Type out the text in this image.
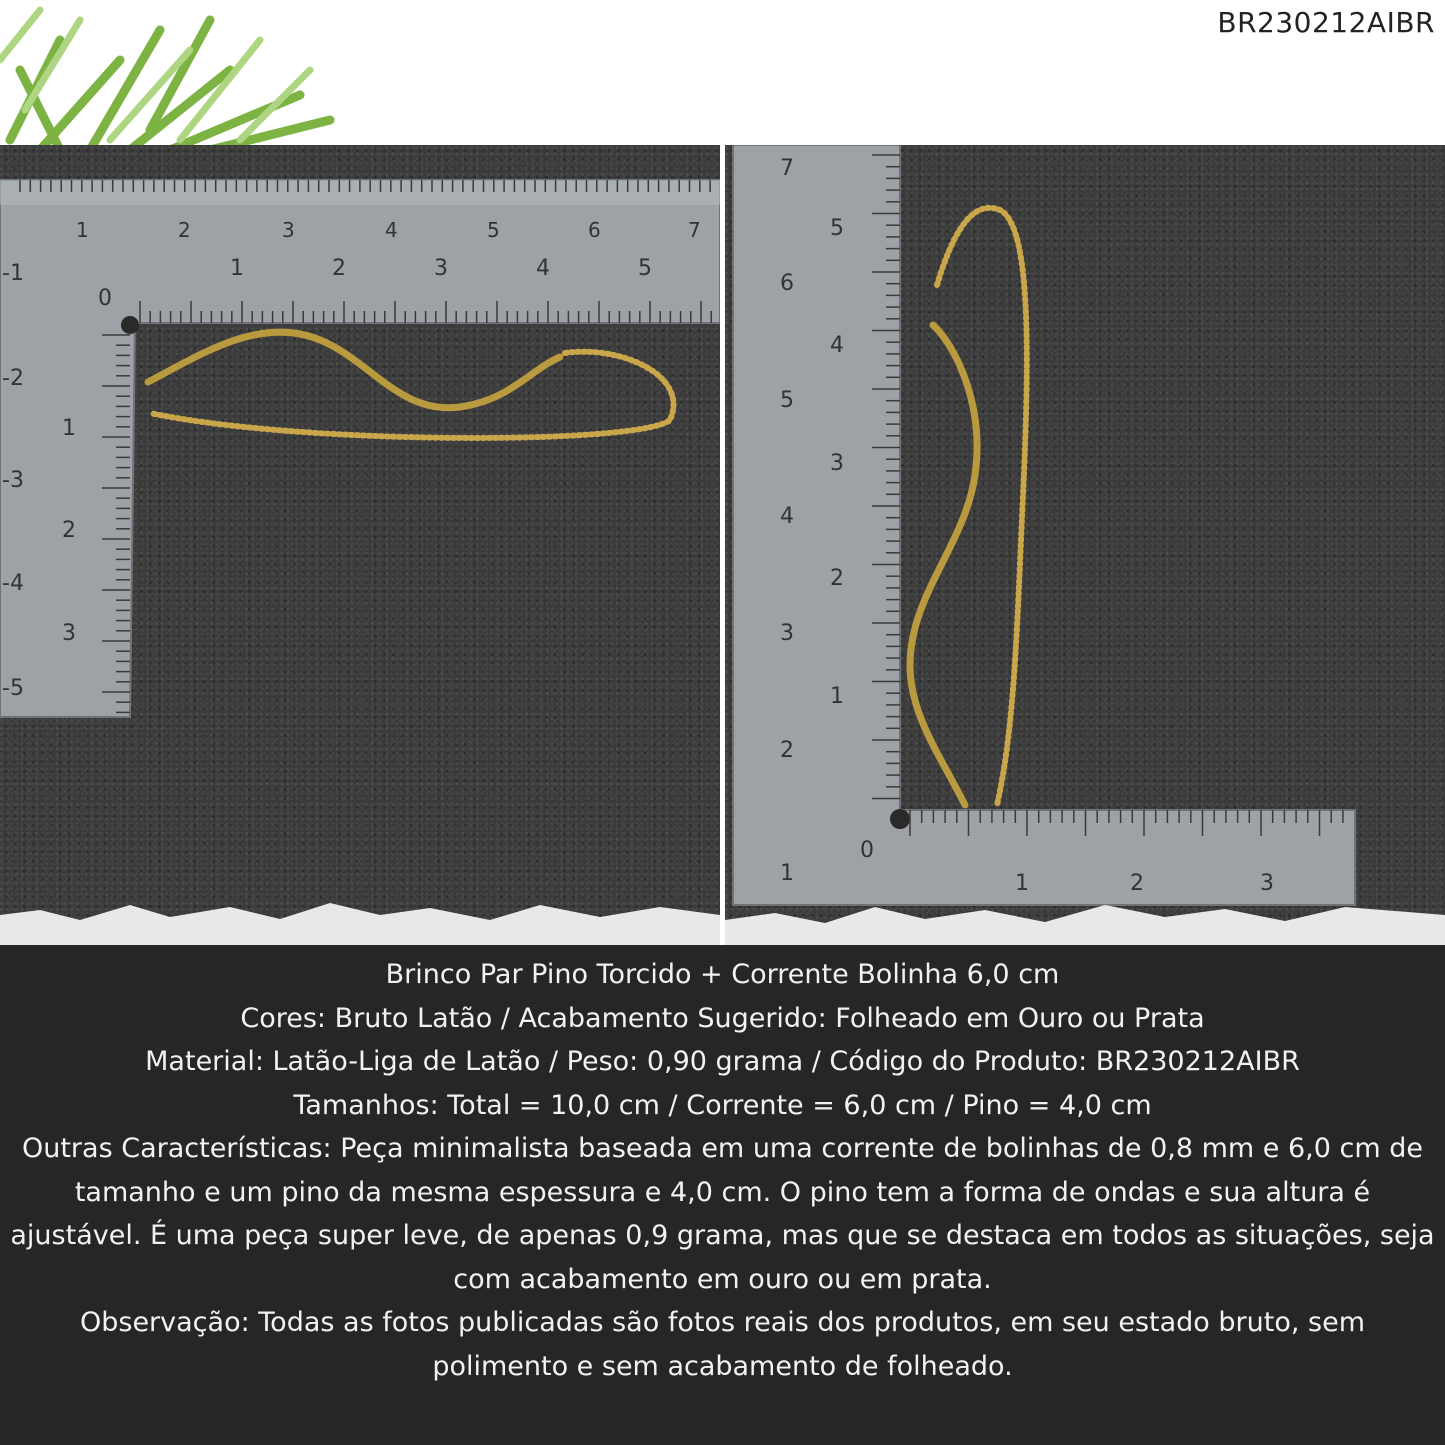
BR230212AIBR
1	2	3	4	5	6	7
0
1	2	3	4	5
-1
-2
-3
-4
-5
1
2
3
7
6
5
4
3
2
1
5
4
3
2
1
0
1	2	3
Brinco Par Pino Torcido + Corrente Bolinha 6,0 cm
Cores: Bruto Latão / Acabamento Sugerido: Folheado em Ouro ou Prata
Material: Latão-Liga de Latão / Peso: 0,90 grama / Código do Produto: BR230212AIBR
Tamanhos: Total = 10,0 cm / Corrente = 6,0 cm / Pino = 4,0 cm
Outras Características: Peça minimalista baseada em uma corrente de bolinhas de 0,8 mm e 6,0 cm de tamanho e um pino da mesma espessura e 4,0 cm. O pino tem a forma de ondas e sua altura é ajustável. É uma peça super leve, de apenas 0,9 grama, mas que se destaca em todos as situações, seja com acabamento em ouro ou em prata.
Observação: Todas as fotos publicadas são fotos reais dos produtos, em seu estado bruto, sem polimento e sem acabamento de folheado.
